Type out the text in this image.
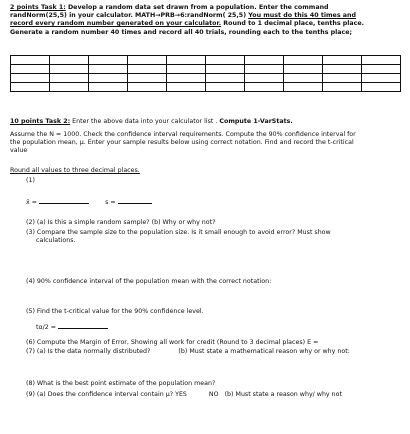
2 points Task 1: Develop a random data set drawn from a population. Enter the command
randNorm(25,5) in your calculator. MATH→PRB→6:randNorm( 25,5) You must do this 40 times and
record every random number generated on your calculator. Round to 1 decimal place, tenths place.
Generate a random number 40 times and record all 40 trials, rounding each to the tenths place;

10 points Task 2: Enter the above data into your calculator list . Compute 1-VarStats.
Assume the N = 1000. Check the confidence interval requirements. Compute the 90% confidence interval for
the population mean, μ. Enter your sample results below using correct notation. Find and record the t-critical
value
Round all values to three decimal places.
(1)
x̄ =	s =
(2) (a) Is this a simple random sample? (b) Why or why not?
(3) Compare the sample size to the population size. Is it small enough to avoid error? Must show
calculations.
(4) 90% confidence interval of the population mean with the correct notation:
(5) Find the t-critical value for the 90% confidence level.
tα/2 =
(6) Compute the Margin of Error, Showing all work for credit (Round to 3 decimal places) E =
(7) (a) Is the data normally distributed?	(b) Must state a mathematical reason why or why not:
(8) What is the best point estimate of the population mean?
(9) (a) Does the confidence interval contain μ? YES	NO (b) Must state a reason why/ why not
